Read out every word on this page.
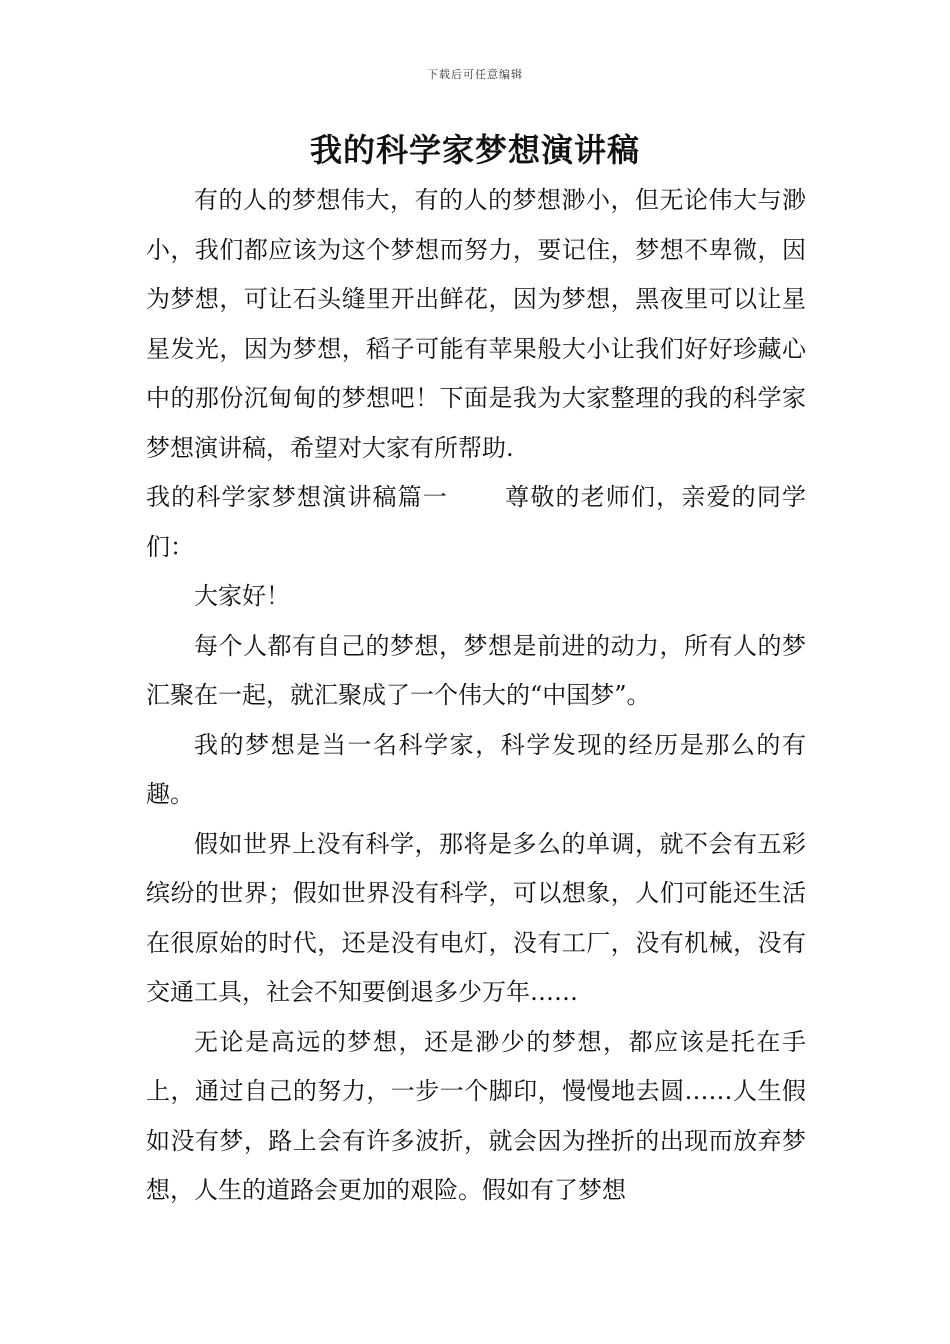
下载后可任意编辑
我的科学家梦想演讲稿

有的人的梦想伟大，有的人的梦想渺小，但无论伟大与渺小，我们都应该为这个梦想而努力，要记住，梦想不卑微，因为梦想，可让石头缝里开出鲜花，因为梦想，黑夜里可以让星星发光，因为梦想，稻子可能有苹果般大小让我们好好珍藏心中的那份沉甸甸的梦想吧！下面是我为大家整理的我的科学家梦想演讲稿，希望对大家有所帮助.

我的科学家梦想演讲稿篇一 尊敬的老师们，亲爱的同学们：

大家好！

每个人都有自己的梦想，梦想是前进的动力，所有人的梦汇聚在一起，就汇聚成了一个伟大的“中国梦”。

我的梦想是当一名科学家，科学发现的经历是那么的有趣。

假如世界上没有科学，那将是多么的单调，就不会有五彩缤纷的世界；假如世界没有科学，可以想象，人们可能还生活在很原始的时代，还是没有电灯，没有工厂，没有机械，没有交通工具，社会不知要倒退多少万年……

无论是高远的梦想，还是渺少的梦想，都应该是托在手上，通过自己的努力，一步一个脚印，慢慢地去圆……人生假如没有梦，路上会有许多波折，就会因为挫折的出现而放弃梦想，人生的道路会更加的艰险。假如有了梦想
